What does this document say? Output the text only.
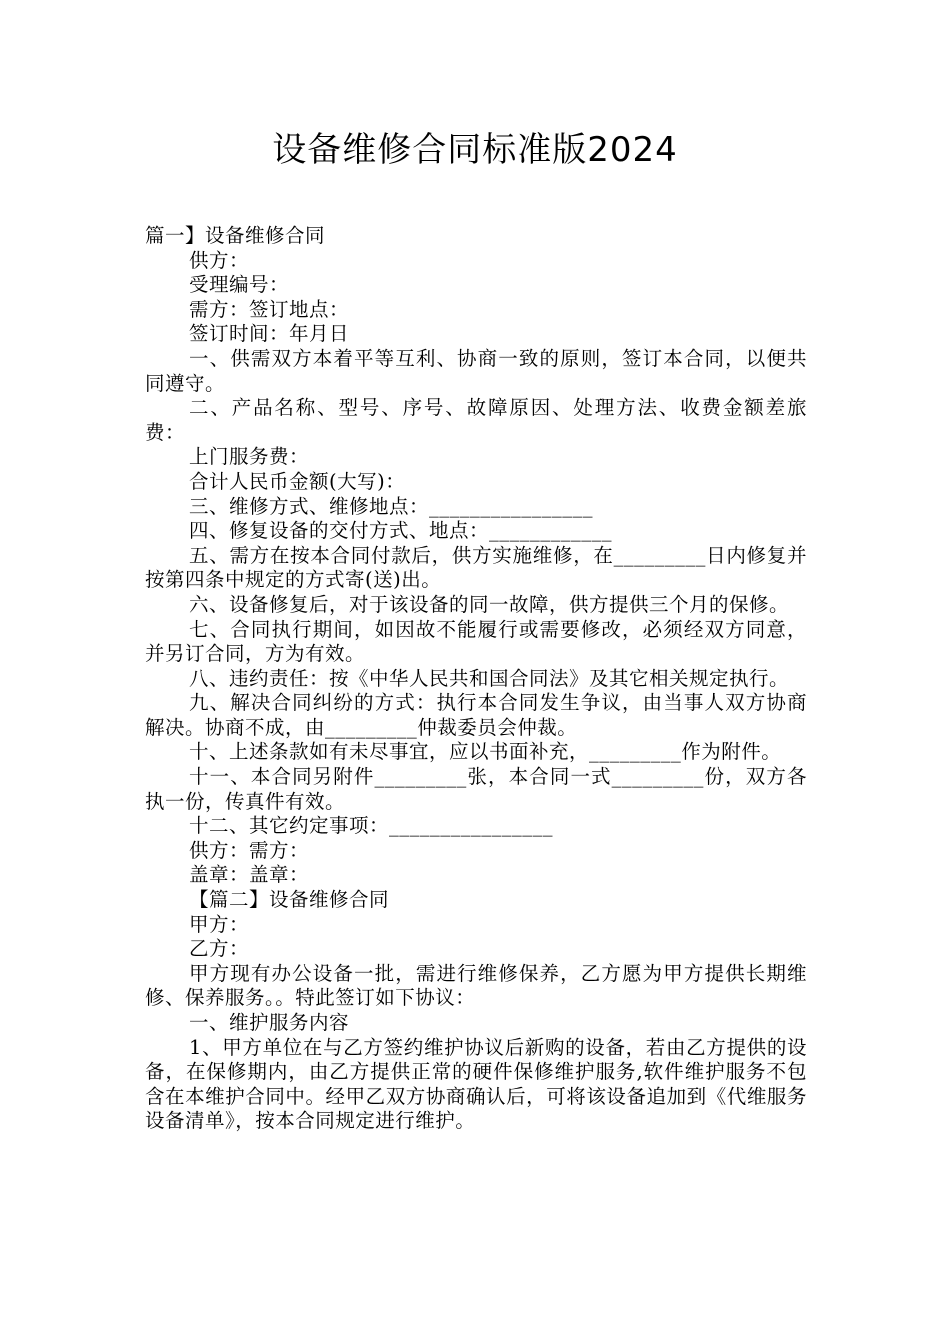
设备维修合同标准版2024

篇一】设备维修合同

供方：

受理编号：

需方：签订地点：

签订时间：年月日

一、供需双方本着平等互利、协商一致的原则，签订本合同，以便共同遵守。

二、产品名称、型号、序号、故障原因、处理方法、收费金额差旅费：

上门服务费：

合计人民币金额(大写)：

三、维修方式、维修地点：________________

四、修复设备的交付方式、地点：____________

五、需方在按本合同付款后，供方实施维修，在_________日内修复并按第四条中规定的方式寄(送)出。

六、设备修复后，对于该设备的同一故障，供方提供三个月的保修。

七、合同执行期间，如因故不能履行或需要修改，必须经双方同意，并另订合同，方为有效。

八、违约责任：按《中华人民共和国合同法》及其它相关规定执行。

九、解决合同纠纷的方式：执行本合同发生争议，由当事人双方协商解决。协商不成，由_________仲裁委员会仲裁。

十、上述条款如有未尽事宜，应以书面补充，_________作为附件。

十一、本合同另附件_________张，本合同一式_________份，双方各执一份，传真件有效。

十二、其它约定事项：________________

供方：需方：

盖章：盖章：

【篇二】设备维修合同

甲方：

乙方：

甲方现有办公设备一批，需进行维修保养，乙方愿为甲方提供长期维修、保养服务。。特此签订如下协议：

一、维护服务内容

1、甲方单位在与乙方签约维护协议后新购的设备，若由乙方提供的设备，在保修期内，由乙方提供正常的硬件保修维护服务,软件维护服务不包含在本维护合同中。经甲乙双方协商确认后，可将该设备追加到《代维服务设备清单》，按本合同规定进行维护。
